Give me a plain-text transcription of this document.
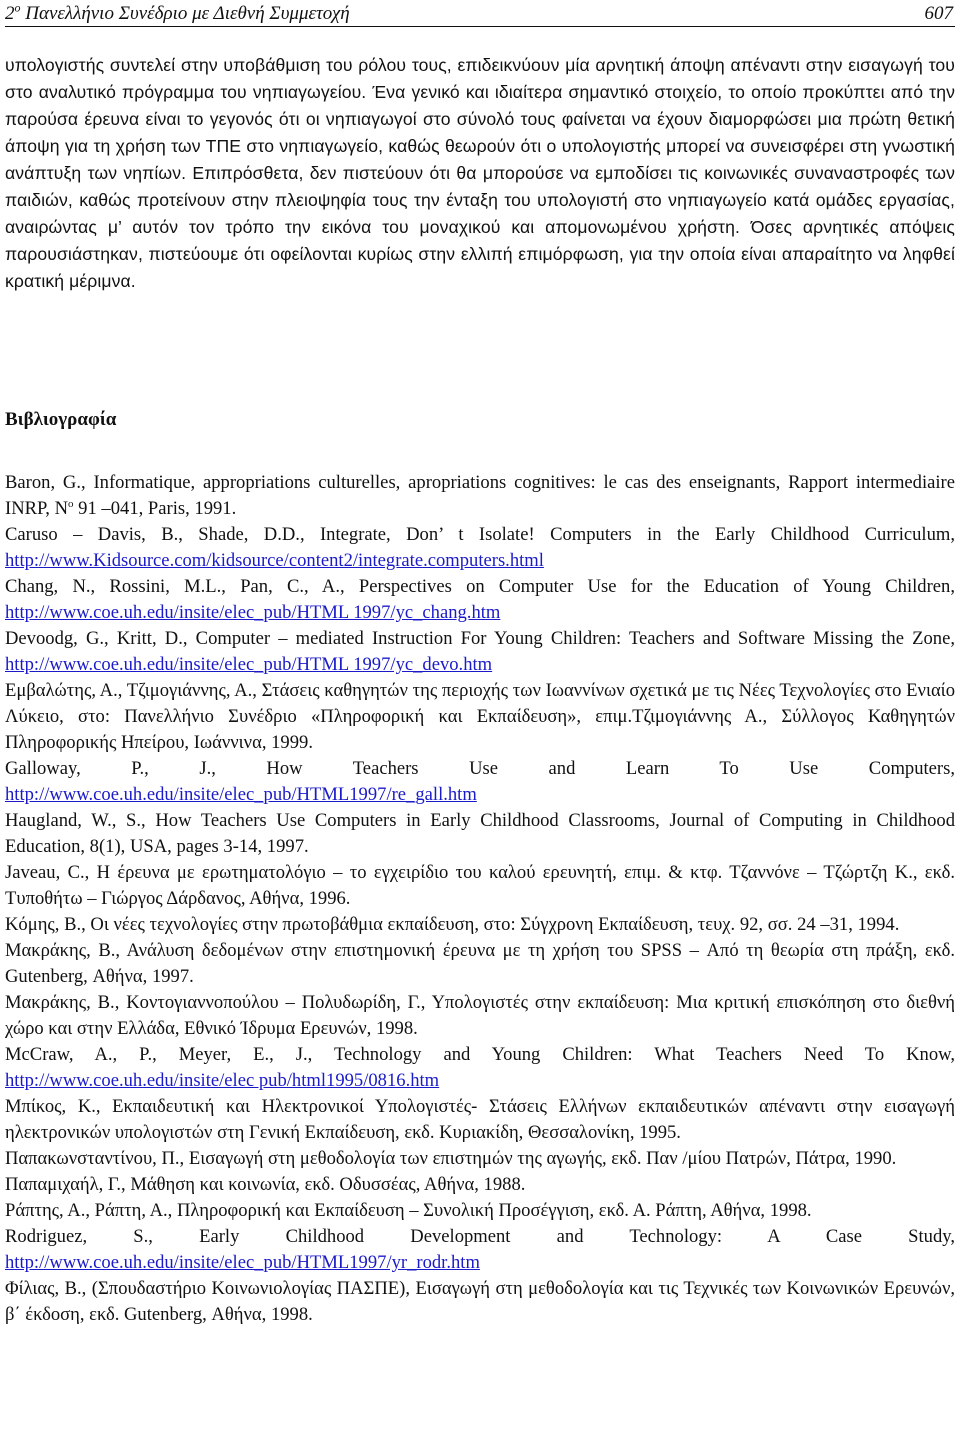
$2^o$ Πανελλήνιο Συνέδριο με Διεθνή Συμμετοχή	607

υπολογιστής συντελεί στην υποβάθμιση του ρόλου τους, επιδεικνύουν μία αρνητική άποψη απέναντι στην εισαγωγή του στο αναλυτικό πρόγραμμα του νηπιαγωγείου. Ένα γενικό και ιδιαίτερα σημαντικό στοιχείο, το οποίο προκύπτει από την παρούσα έρευνα είναι το γεγονός ότι οι νηπιαγωγοί στο σύνολό τους φαίνεται να έχουν διαμορφώσει μια πρώτη θετική άποψη για τη χρήση των ΤΠΕ στο νηπιαγωγείο, καθώς θεωρούν ότι ο υπολογιστής μπορεί να συνεισφέρει στη γνωστική ανάπτυξη των νηπίων. Επιπρόσθετα, δεν πιστεύουν ότι θα μπορούσε να εμποδίσει τις κοινωνικές συναναστροφές των παιδιών, καθώς προτείνουν στην πλειοψηφία τους την ένταξη του υπολογιστή στο νηπιαγωγείο κατά ομάδες εργασίας, αναιρώντας μ’ αυτόν τον τρόπο την εικόνα του μοναχικού και απομονωμένου χρήστη. Όσες αρνητικές απόψεις παρουσιάστηκαν, πιστεύουμε ότι οφείλονται κυρίως στην ελλιπή επιμόρφωση, για την οποία είναι απαραίτητο να ληφθεί κρατική μέριμνα.

Βιβλιογραφία

Baron, G., Informatique, appropriations culturelles, apropriations cognitives: le cas des enseignants, Rapport intermediaire INRP, $N^o$ 91 –041, Paris, 1991.

Caruso – Davis, B., Shade, D.D., Integrate, Don’ t Isolate! Computers in the Early Childhood Curriculum, http://www.Kidsource.com/kidsource/content2/integrate.computers.html

Chang, N., Rossini, M.L., Pan, C., A., Perspectives on Computer Use for the Education of Young Children, http://www.coe.uh.edu/insite/elec_pub/HTML 1997/yc_chang.htm

Devoodg, G., Kritt, D., Computer – mediated Instruction For Young Children: Teachers and Software Missing the Zone, http://www.coe.uh.edu/insite/elec_pub/HTML 1997/yc_devo.htm

Εμβαλώτης, Α., Τζιμογιάννης, Α., Στάσεις καθηγητών της περιοχής των Ιωαννίνων σχετικά με τις Νέες Τεχνολογίες στο Ενιαίο Λύκειο, στο: Πανελλήνιο Συνέδριο «Πληροφορική και Εκπαίδευση», επιμ.Τζιμογιάννης Α., Σύλλογος Καθηγητών Πληροφορικής Ηπείρου, Ιωάννινα, 1999.

Galloway, P., J., How Teachers Use and Learn To Use Computers,
http://www.coe.uh.edu/insite/elec_pub/HTML1997/re_gall.htm

Haugland, W., S., How Teachers Use Computers in Early Childhood Classrooms, Journal of Computing in Childhood Education, 8(1), USA, pages 3-14, 1997.

Javeau, C., Η έρευνα με ερωτηματολόγιο – το εγχειρίδιο του καλού ερευνητή, επιμ. & κτφ. Τζαννόνε – Τζώρτζη Κ., εκδ. Τυποθήτω – Γιώργος Δάρδανος, Αθήνα, 1996.

Κόμης, Β., Οι νέες τεχνολογίες στην πρωτοβάθμια εκπαίδευση, στο: Σύγχρονη Εκπαίδευση, τευχ. 92, σσ. 24 –31, 1994.

Μακράκης, Β., Ανάλυση δεδομένων στην επιστημονική έρευνα με τη χρήση του SPSS – Από τη θεωρία στη πράξη, εκδ. Gutenberg, Αθήνα, 1997.

Μακράκης, Β., Κοντογιαννοπούλου – Πολυδωρίδη, Γ., Υπολογιστές στην εκπαίδευση: Μια κριτική επισκόπηση στο διεθνή χώρο και στην Ελλάδα, Εθνικό Ίδρυμα Ερευνών, 1998.

McCraw, A., P., Meyer, E., J., Technology and Young Children: What Teachers Need To Know,
http://www.coe.uh.edu/insite/elec pub/html1995/0816.htm

Μπίκος, Κ., Εκπαιδευτική και Ηλεκτρονικοί Υπολογιστές- Στάσεις Ελλήνων εκπαιδευτικών απέναντι στην εισαγωγή ηλεκτρονικών υπολογιστών στη Γενική Εκπαίδευση, εκδ. Κυριακίδη, Θεσσαλονίκη, 1995.

Παπακωνσταντίνου, Π., Εισαγωγή στη μεθοδολογία των επιστημών της αγωγής, εκδ. Παν /μίου Πατρών, Πάτρα, 1990.

Παπαμιχαήλ, Γ., Μάθηση και κοινωνία, εκδ. Οδυσσέας, Αθήνα, 1988.

Ράπτης, Α., Ράπτη, Α., Πληροφορική και Εκπαίδευση – Συνολική Προσέγγιση, εκδ. Α. Ράπτη, Αθήνα, 1998.

Rodriguez, S., Early Childhood Development and Technology: A Case Study,
http://www.coe.uh.edu/insite/elec_pub/HTML1997/yr_rodr.htm

Φίλιας, Β., (Σπουδαστήριο Κοινωνιολογίας ΠΑΣΠΕ), Εισαγωγή στη μεθοδολογία και τις Τεχνικές των Κοινωνικών Ερευνών, β΄ έκδοση, εκδ. Gutenberg, Αθήνα, 1998.
